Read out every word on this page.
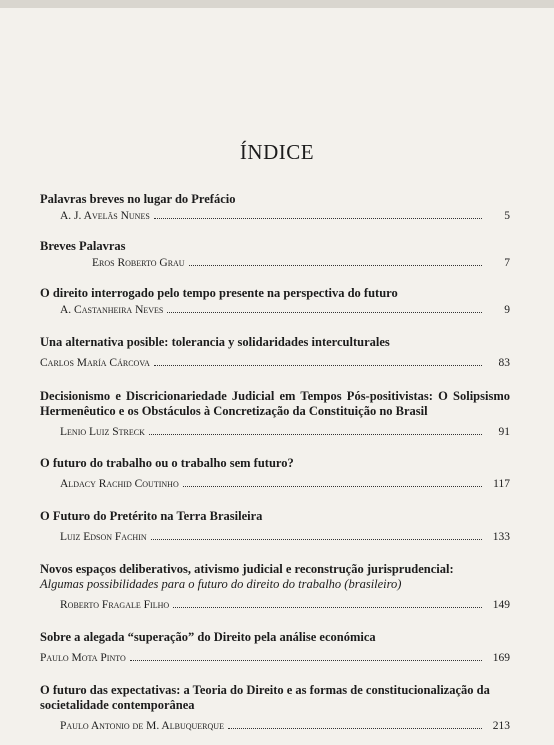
ÍNDICE
Palavras breves no lugar do Prefácio
A. J. Avelãs Nunes	5
Breves Palavras
Eros Roberto Grau	7
O direito interrogado pelo tempo presente na perspectiva do futuro
A. Castanheira Neves	9
Una alternativa posible: tolerancia y solidaridades interculturales
Carlos María Cárcova	83
Decisionismo e Discricionariedade Judicial em Tempos Pós-positivistas: O Solipsismo Hermenêutico e os Obstáculos à Concretização da Constituição no Brasil
Lenio Luiz Streck	91
O futuro do trabalho ou o trabalho sem futuro?
Aldacy Rachid Coutinho	117
O Futuro do Pretérito na Terra Brasileira
Luiz Edson Fachin	133
Novos espaços deliberativos, ativismo judicial e reconstrução jurisprudencial:
Algumas possibilidades para o futuro do direito do trabalho (brasileiro)
Roberto Fragale Filho	149
Sobre a alegada “superação” do Direito pela análise económica
Paulo Mota Pinto	169
O futuro das expectativas: a Teoria do Direito e as formas de constitucionalização da societalidade contemporânea
Paulo Antonio de M. Albuquerque	213
